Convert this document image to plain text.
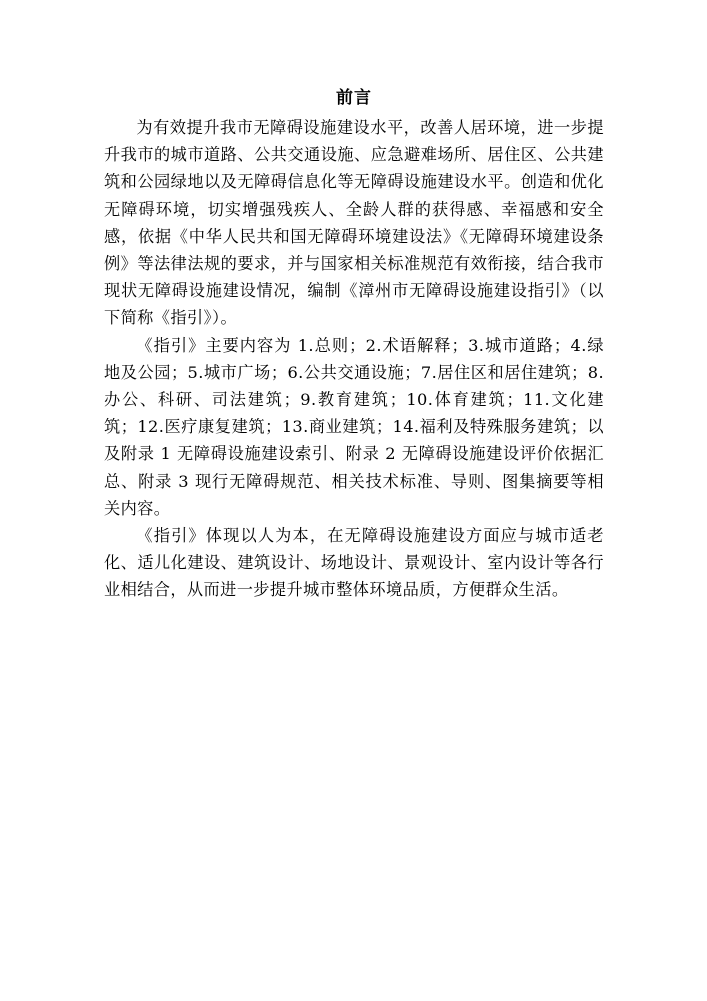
前言

为有效提升我市无障碍设施建设水平，改善人居环境，进一步提升我市的城市道路、公共交通设施、应急避难场所、居住区、公共建筑和公园绿地以及无障碍信息化等无障碍设施建设水平。创造和优化无障碍环境，切实增强残疾人、全龄人群的获得感、幸福感和安全感，依据《中华人民共和国无障碍环境建设法》《无障碍环境建设条例》等法律法规的要求，并与国家相关标准规范有效衔接，结合我市现状无障碍设施建设情况，编制《漳州市无障碍设施建设指引》（以下简称《指引》）。

《指引》主要内容为 1.总则；2.术语解释；3.城市道路；4.绿地及公园；5.城市广场；6.公共交通设施；7.居住区和居住建筑；8.办公、科研、司法建筑；9.教育建筑；10.体育建筑；11.文化建筑；12.医疗康复建筑；13.商业建筑；14.福利及特殊服务建筑；以及附录 1 无障碍设施建设索引、附录 2 无障碍设施建设评价依据汇总、附录 3 现行无障碍规范、相关技术标准、导则、图集摘要等相关内容。

《指引》体现以人为本，在无障碍设施建设方面应与城市适老化、适儿化建设、建筑设计、场地设计、景观设计、室内设计等各行业相结合，从而进一步提升城市整体环境品质，方便群众生活。
